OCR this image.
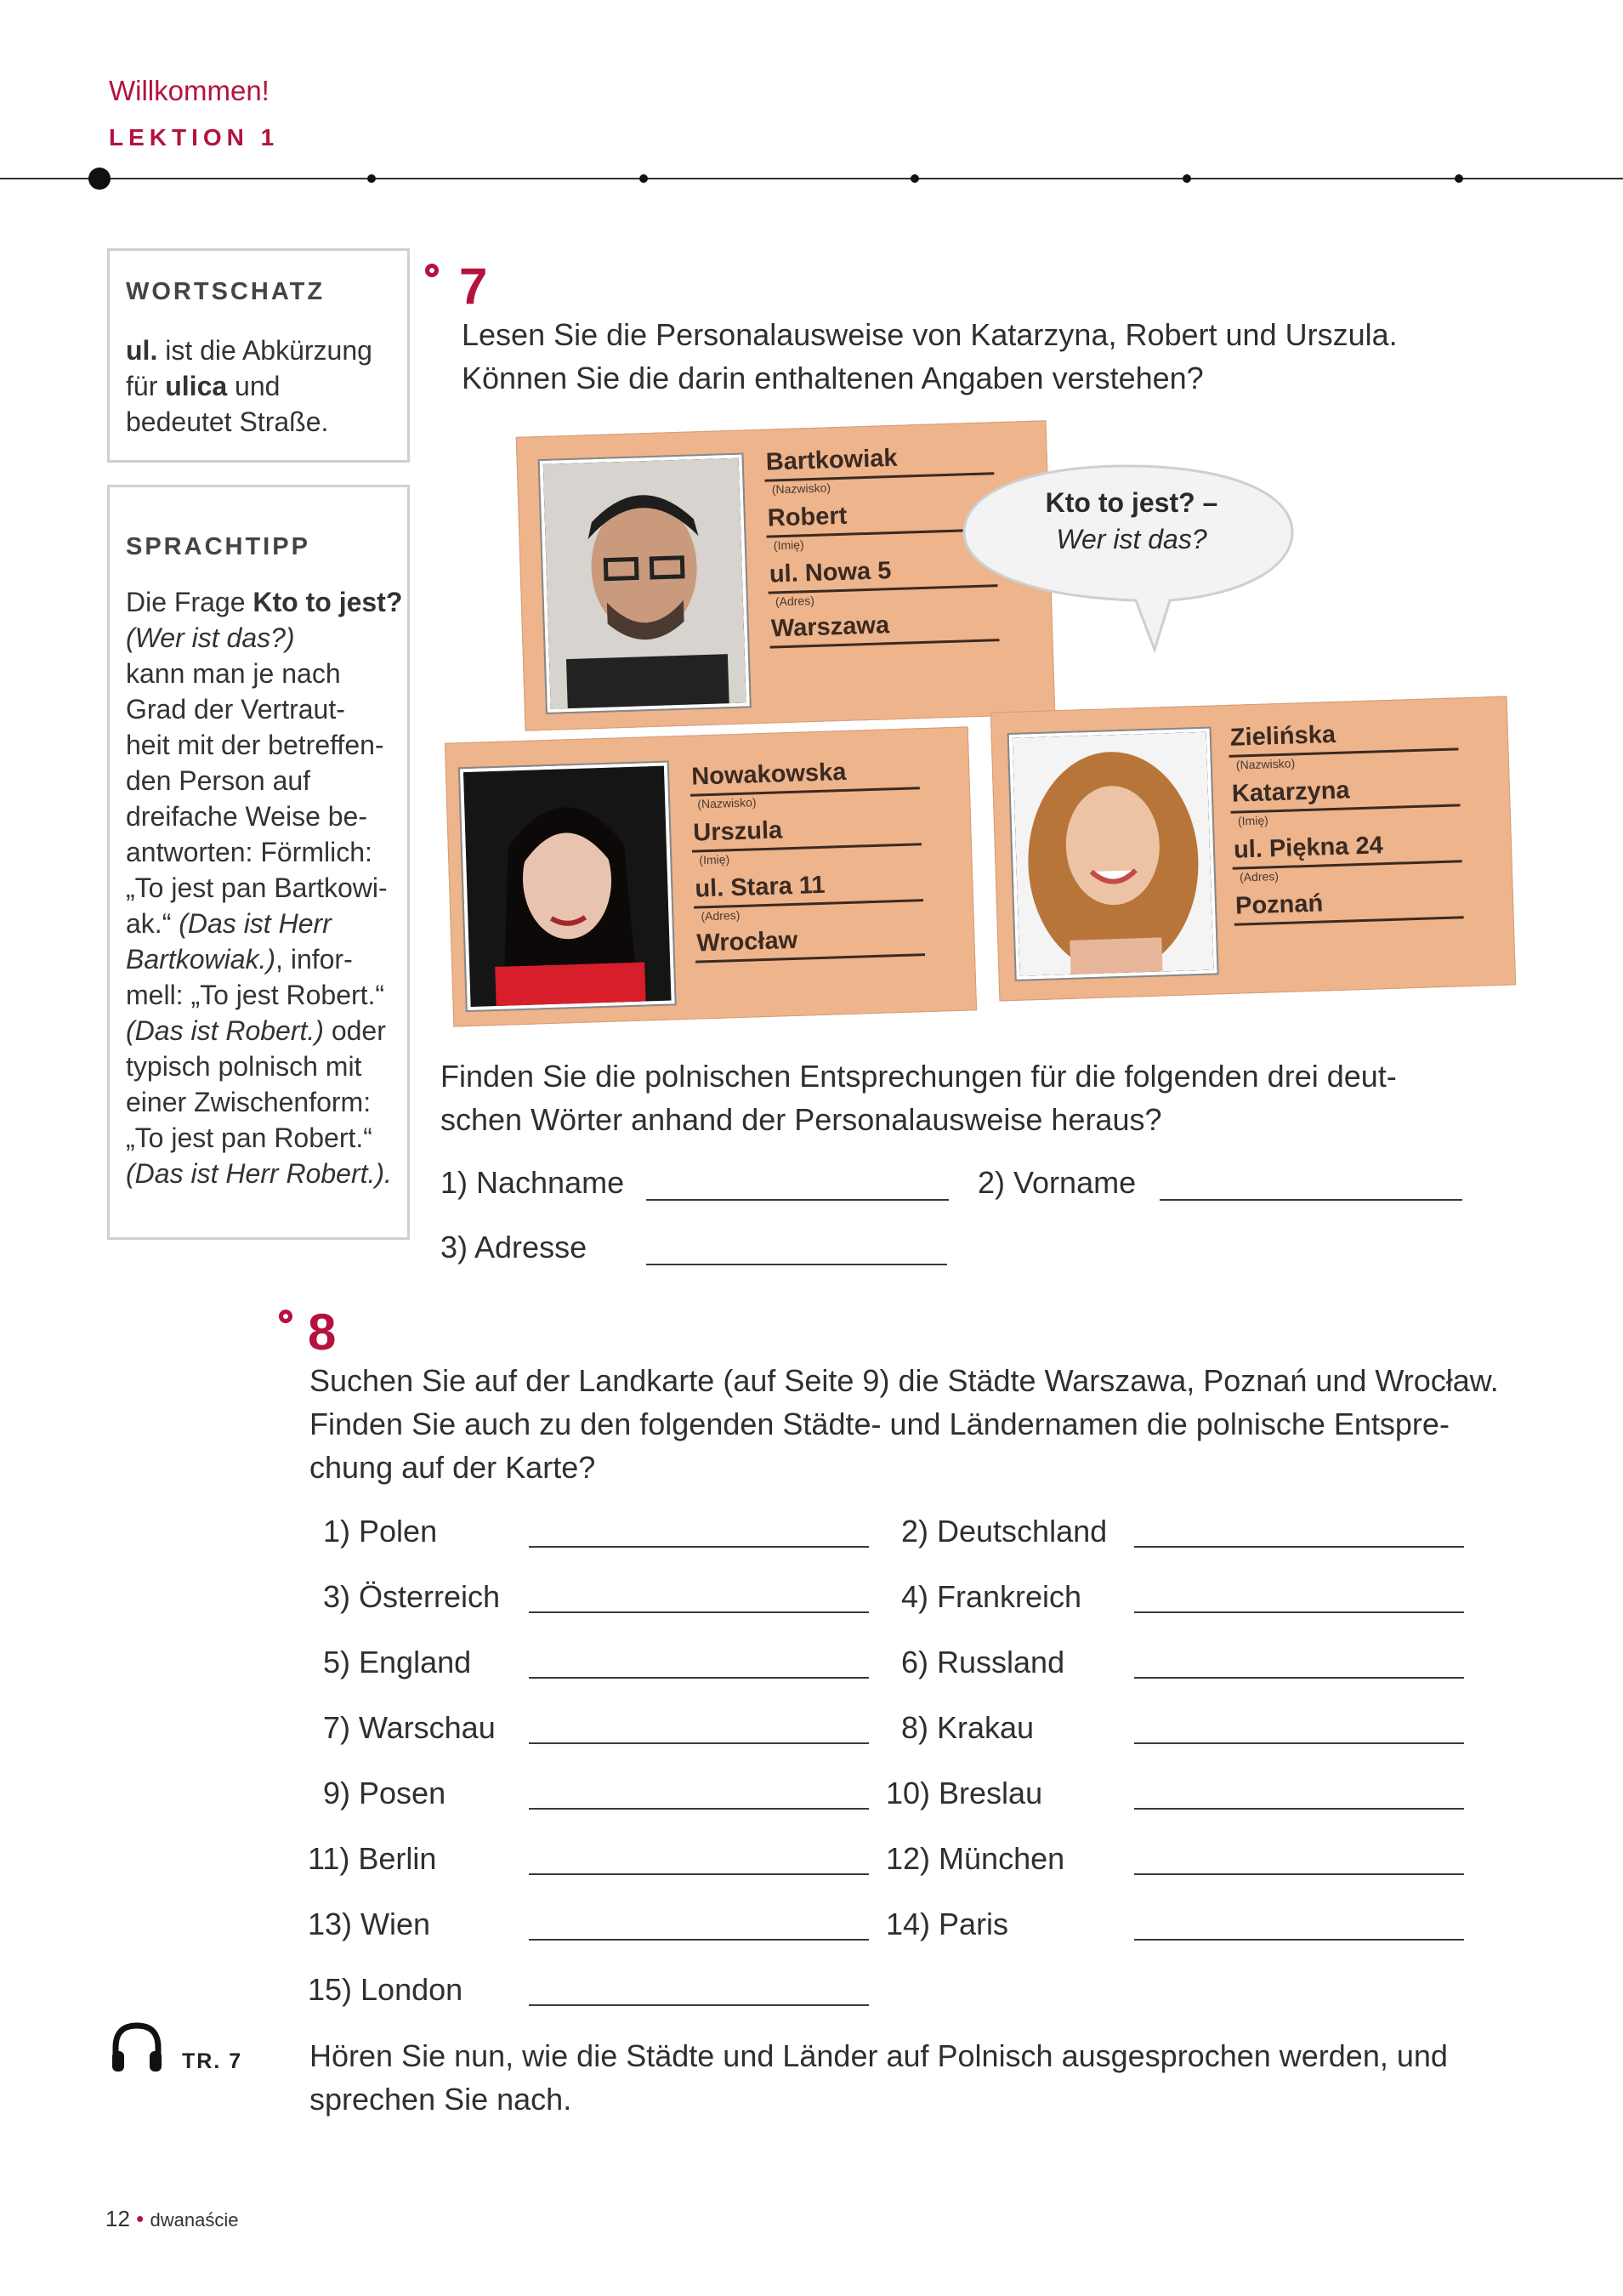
Willkommen!
LEKTION 1
WORTSCHATZ
ul. ist die Abkürzung
für ulica und
bedeutet Straße.
SPRACHTIPP
Die Frage Kto to jest?
(Wer ist das?)
kann man je nach
Grad der Vertraut-
heit mit der betreffen-
den Person auf
dreifache Weise be-
antworten: Förmlich:
„To jest pan Bartkowi-
ak.“ (Das ist Herr
Bartkowiak.), infor-
mell: „To jest Robert.“
(Das ist Robert.) oder
typisch polnisch mit
einer Zwischenform:
„To jest pan Robert.“
(Das ist Herr Robert.).
7
Lesen Sie die Personalausweise von Katarzyna, Robert und Urszula.
Können Sie die darin enthaltenen Angaben verstehen?
Bartkowiak
(Nazwisko)
Robert
(Imię)
ul. Nowa 5
(Adres)
Warszawa
Kto to jest? –
Wer ist das?
Nowakowska
(Nazwisko)
Urszula
(Imię)
ul. Stara 11
(Adres)
Wrocław
Zielińska
(Nazwisko)
Katarzyna
(Imię)
ul. Piękna 24
(Adres)
Poznań
Finden Sie die polnischen Entsprechungen für die folgenden drei deut-
schen Wörter anhand der Personalausweise heraus?
1) Nachname	2) Vorname
3) Adresse
8
Suchen Sie auf der Landkarte (auf Seite 9) die Städte Warszawa, Poznań und Wrocław.
Finden Sie auch zu den folgenden Städte- und Ländernamen die polnische Entspre-
chung auf der Karte?
1) Polen
3) Österreich
5) England
7) Warschau
9) Posen
11) Berlin
13) Wien
15) London
2) Deutschland
4) Frankreich
6) Russland
8) Krakau
10) Breslau
12) München
14) Paris
TR. 7 Hören Sie nun, wie die Städte und Länder auf Polnisch ausgesprochen werden, und
sprechen Sie nach.
12 • dwanaście
